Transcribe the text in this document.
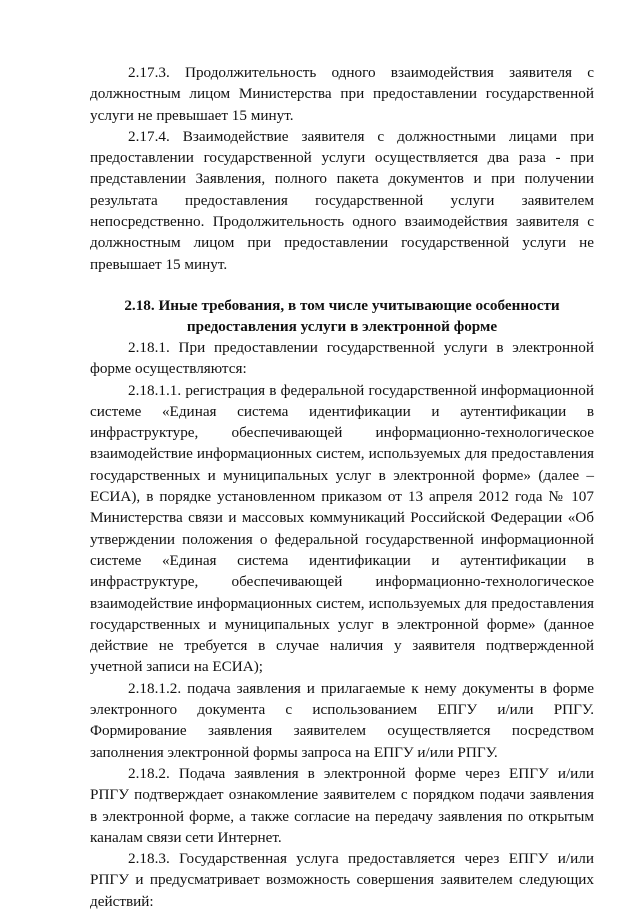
2.17.3. Продолжительность одного взаимодействия заявителя с должностным лицом Министерства при предоставлении государственной услуги не превышает 15 минут.

2.17.4. Взаимодействие заявителя с должностными лицами при предоставлении государственной услуги осуществляется два раза - при представлении Заявления, полного пакета документов и при получении результата предоставления государственной услуги заявителем непосредственно. Продолжительность одного взаимодействия заявителя с должностным лицом при предоставлении государственной услуги не превышает 15 минут.

2.18. Иные требования, в том числе учитывающие особенности
предоставления услуги в электронной форме

2.18.1. При предоставлении государственной услуги в электронной форме осуществляются:

2.18.1.1. регистрация в федеральной государственной информационной системе «Единая система идентификации и аутентификации в инфраструктуре, обеспечивающей информационно-технологическое взаимодействие информационных систем, используемых для предоставления государственных и муниципальных услуг в электронной форме» (далее – ЕСИА), в порядке установленном приказом от 13 апреля 2012 года № 107 Министерства связи и массовых коммуникаций Российской Федерации «Об утверждении положения о федеральной государственной информационной системе «Единая система идентификации и аутентификации в инфраструктуре, обеспечивающей информационно-технологическое взаимодействие информационных систем, используемых для предоставления государственных и муниципальных услуг в электронной форме» (данное действие не требуется в случае наличия у заявителя подтвержденной учетной записи на ЕСИА);

2.18.1.2. подача заявления и прилагаемые к нему документы в форме электронного документа с использованием ЕПГУ и/или РПГУ. Формирование заявления заявителем осуществляется посредством заполнения электронной формы запроса на ЕПГУ и/или РПГУ.

2.18.2. Подача заявления в электронной форме через ЕПГУ и/или РПГУ подтверждает ознакомление заявителем с порядком подачи заявления в электронной форме, а также согласие на передачу заявления по открытым каналам связи сети Интернет.

2.18.3. Государственная услуга предоставляется через ЕПГУ и/или РПГУ и предусматривает возможность совершения заявителем следующих действий:
